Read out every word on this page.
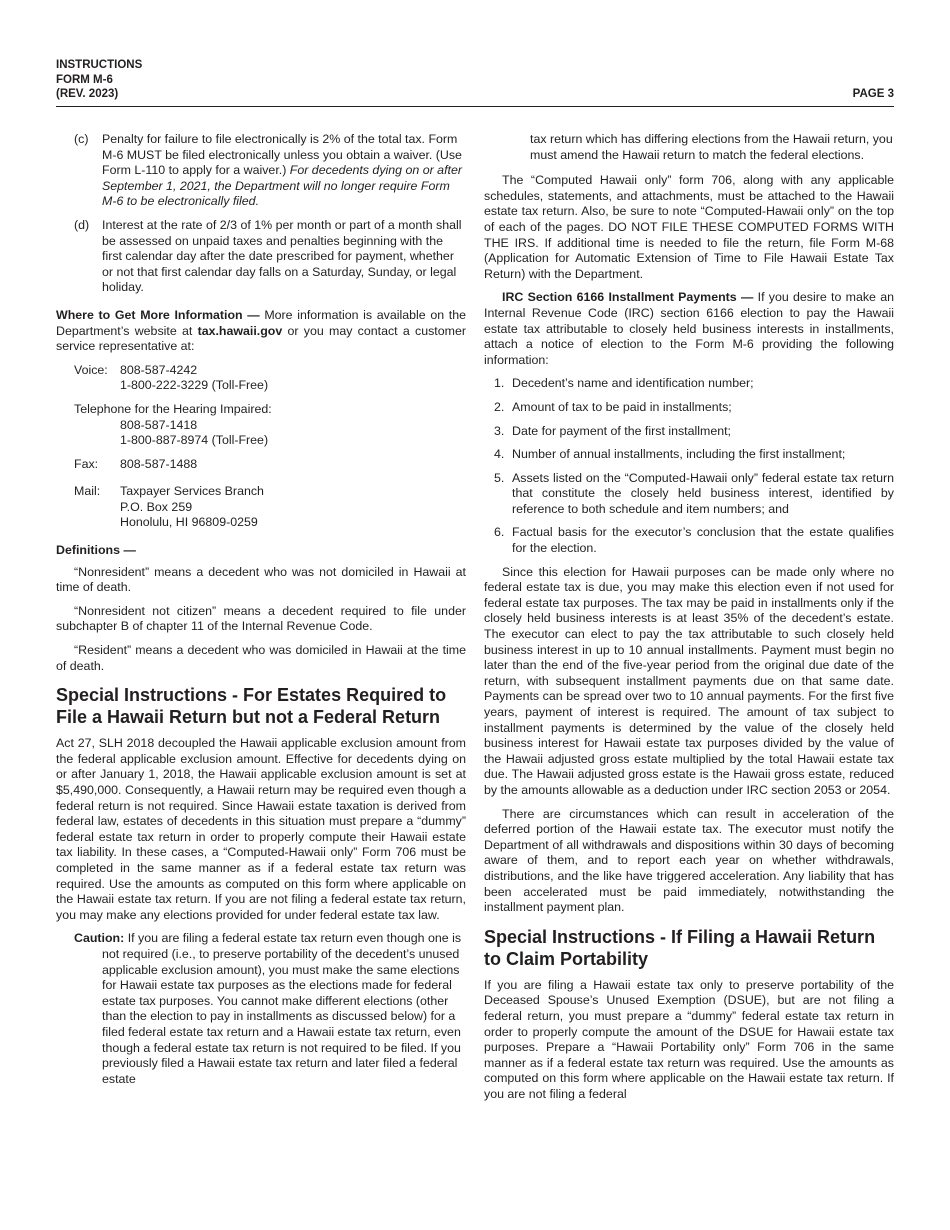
INSTRUCTIONS
FORM M-6
(REV. 2023)	PAGE 3
(c)	Penalty for failure to file electronically is 2% of the total tax. Form M-6 MUST be filed electronically unless you obtain a waiver. (Use Form L-110 to apply for a waiver.) For decedents dying on or after September 1, 2021, the Department will no longer require Form M-6 to be electronically filed.
(d)	Interest at the rate of 2/3 of 1% per month or part of a month shall be assessed on unpaid taxes and penalties beginning with the first calendar day after the date prescribed for payment, whether or not that first calendar day falls on a Saturday, Sunday, or legal holiday.

Where to Get More Information — More information is available on the Department’s website at tax.hawaii.gov or you may contact a customer service representative at:

Voice: 808-587-4242
1-800-222-3229 (Toll-Free)
Telephone for the Hearing Impaired:
808-587-1418
1-800-887-8974 (Toll-Free)
Fax:	808-587-1488
Mail:	Taxpayer Services Branch
P.O. Box 259
Honolulu, HI 96809-0259

Definitions —

“Nonresident” means a decedent who was not domiciled in Hawaii at time of death.

“Nonresident not citizen” means a decedent required to file under subchapter B of chapter 11 of the Internal Revenue Code.

“Resident” means a decedent who was domiciled in Hawaii at the time of death.

Special Instructions - For Estates Required to File a Hawaii Return but not a Federal Return

Act 27, SLH 2018 decoupled the Hawaii applicable exclusion amount from the federal applicable exclusion amount. Effective for decedents dying on or after January 1, 2018, the Hawaii applicable exclusion amount is set at $5,490,000. Consequently, a Hawaii return may be required even though a federal return is not required. Since Hawaii estate taxation is derived from federal law, estates of decedents in this situation must prepare a “dummy” federal estate tax return in order to properly compute their Hawaii estate tax liability. In these cases, a “Computed-Hawaii only” Form 706 must be completed in the same manner as if a federal estate tax return was required. Use the amounts as computed on this form where applicable on the Hawaii estate tax return. If you are not filing a federal estate tax return, you may make any elections provided for under federal estate tax law.

Caution: If you are filing a federal estate tax return even though one is not required (i.e., to preserve portability of the decedent’s unused applicable exclusion amount), you must make the same elections for Hawaii estate tax purposes as the elections made for federal estate tax purposes. You cannot make different elections (other than the election to pay in installments as discussed below) for a filed federal estate tax return and a Hawaii estate tax return, even though a federal estate tax return is not required to be filed. If you previously filed a Hawaii estate tax return and later filed a federal estate

tax return which has differing elections from the Hawaii return, you must amend the Hawaii return to match the federal elections.

The “Computed Hawaii only” form 706, along with any applicable schedules, statements, and attachments, must be attached to the Hawaii estate tax return. Also, be sure to note “Computed-Hawaii only” on the top of each of the pages. DO NOT FILE THESE COMPUTED FORMS WITH THE IRS. If additional time is needed to file the return, file Form M-68 (Application for Automatic Extension of Time to File Hawaii Estate Tax Return) with the Department.

IRC Section 6166 Installment Payments — If you desire to make an Internal Revenue Code (IRC) section 6166 election to pay the Hawaii estate tax attributable to closely held business interests in installments, attach a notice of election to the Form M-6 providing the following information:

1. Decedent’s name and identification number;
2. Amount of tax to be paid in installments;
3. Date for payment of the first installment;
4. Number of annual installments, including the first installment;
5. Assets listed on the “Computed-Hawaii only” federal estate tax return that constitute the closely held business interest, identified by reference to both schedule and item numbers; and
6. Factual basis for the executor’s conclusion that the estate qualifies for the election.

Since this election for Hawaii purposes can be made only where no federal estate tax is due, you may make this election even if not used for federal estate tax purposes. The tax may be paid in installments only if the closely held business interests is at least 35% of the decedent’s estate. The executor can elect to pay the tax attributable to such closely held business interest in up to 10 annual installments. Payment must begin no later than the end of the five-year period from the original due date of the return, with subsequent installment payments due on that same date. Payments can be spread over two to 10 annual payments. For the first five years, payment of interest is required. The amount of tax subject to installment payments is determined by the value of the closely held business interest for Hawaii estate tax purposes divided by the value of the Hawaii adjusted gross estate multiplied by the total Hawaii estate tax due. The Hawaii adjusted gross estate is the Hawaii gross estate, reduced by the amounts allowable as a deduction under IRC section 2053 or 2054.

There are circumstances which can result in acceleration of the deferred portion of the Hawaii estate tax. The executor must notify the Department of all withdrawals and dispositions within 30 days of becoming aware of them, and to report each year on whether withdrawals, distributions, and the like have triggered acceleration. Any liability that has been accelerated must be paid immediately, notwithstanding the installment payment plan.

Special Instructions - If Filing a Hawaii Return to Claim Portability

If you are filing a Hawaii estate tax only to preserve portability of the Deceased Spouse’s Unused Exemption (DSUE), but are not filing a federal return, you must prepare a “dummy” federal estate tax return in order to properly compute the amount of the DSUE for Hawaii estate tax purposes. Prepare a “Hawaii Portability only” Form 706 in the same manner as if a federal estate tax return was required. Use the amounts as computed on this form where applicable on the Hawaii estate tax return. If you are not filing a federal
